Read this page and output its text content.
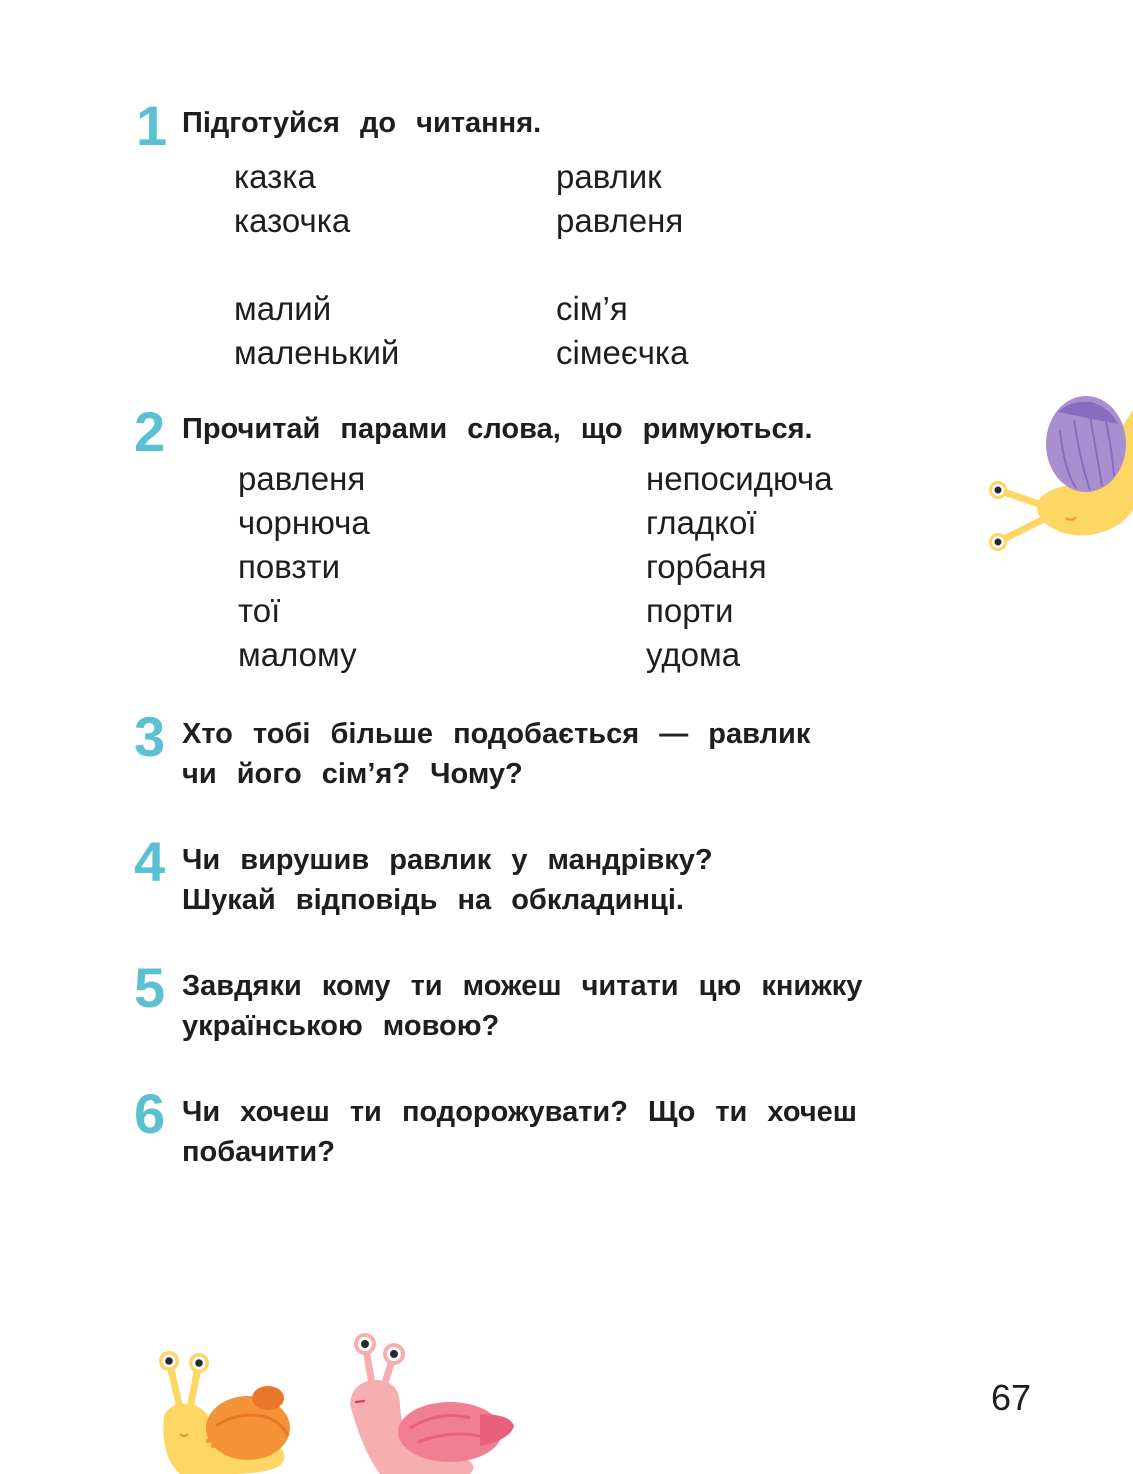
1
2
3
4
5
6
Підготуйся до читання.
Прочитай парами слова, що римуються.
Хто тобі більше подобається — равлик
чи його сім’я? Чому?
Чи вирушив равлик у мандрівку?
Шукай відповідь на обкладинці.
Завдяки кому ти можеш читати цю книжку
українською мовою?
Чи хочеш ти подорожувати? Що ти хочеш
побачити?
казка
казочка
малий
маленький
равлик
равленя
сім’я
сімеєчка
равленя
чорнюча
повзти
тої
малому
непосидюча
гладкої
горбаня
порти
удома
67
